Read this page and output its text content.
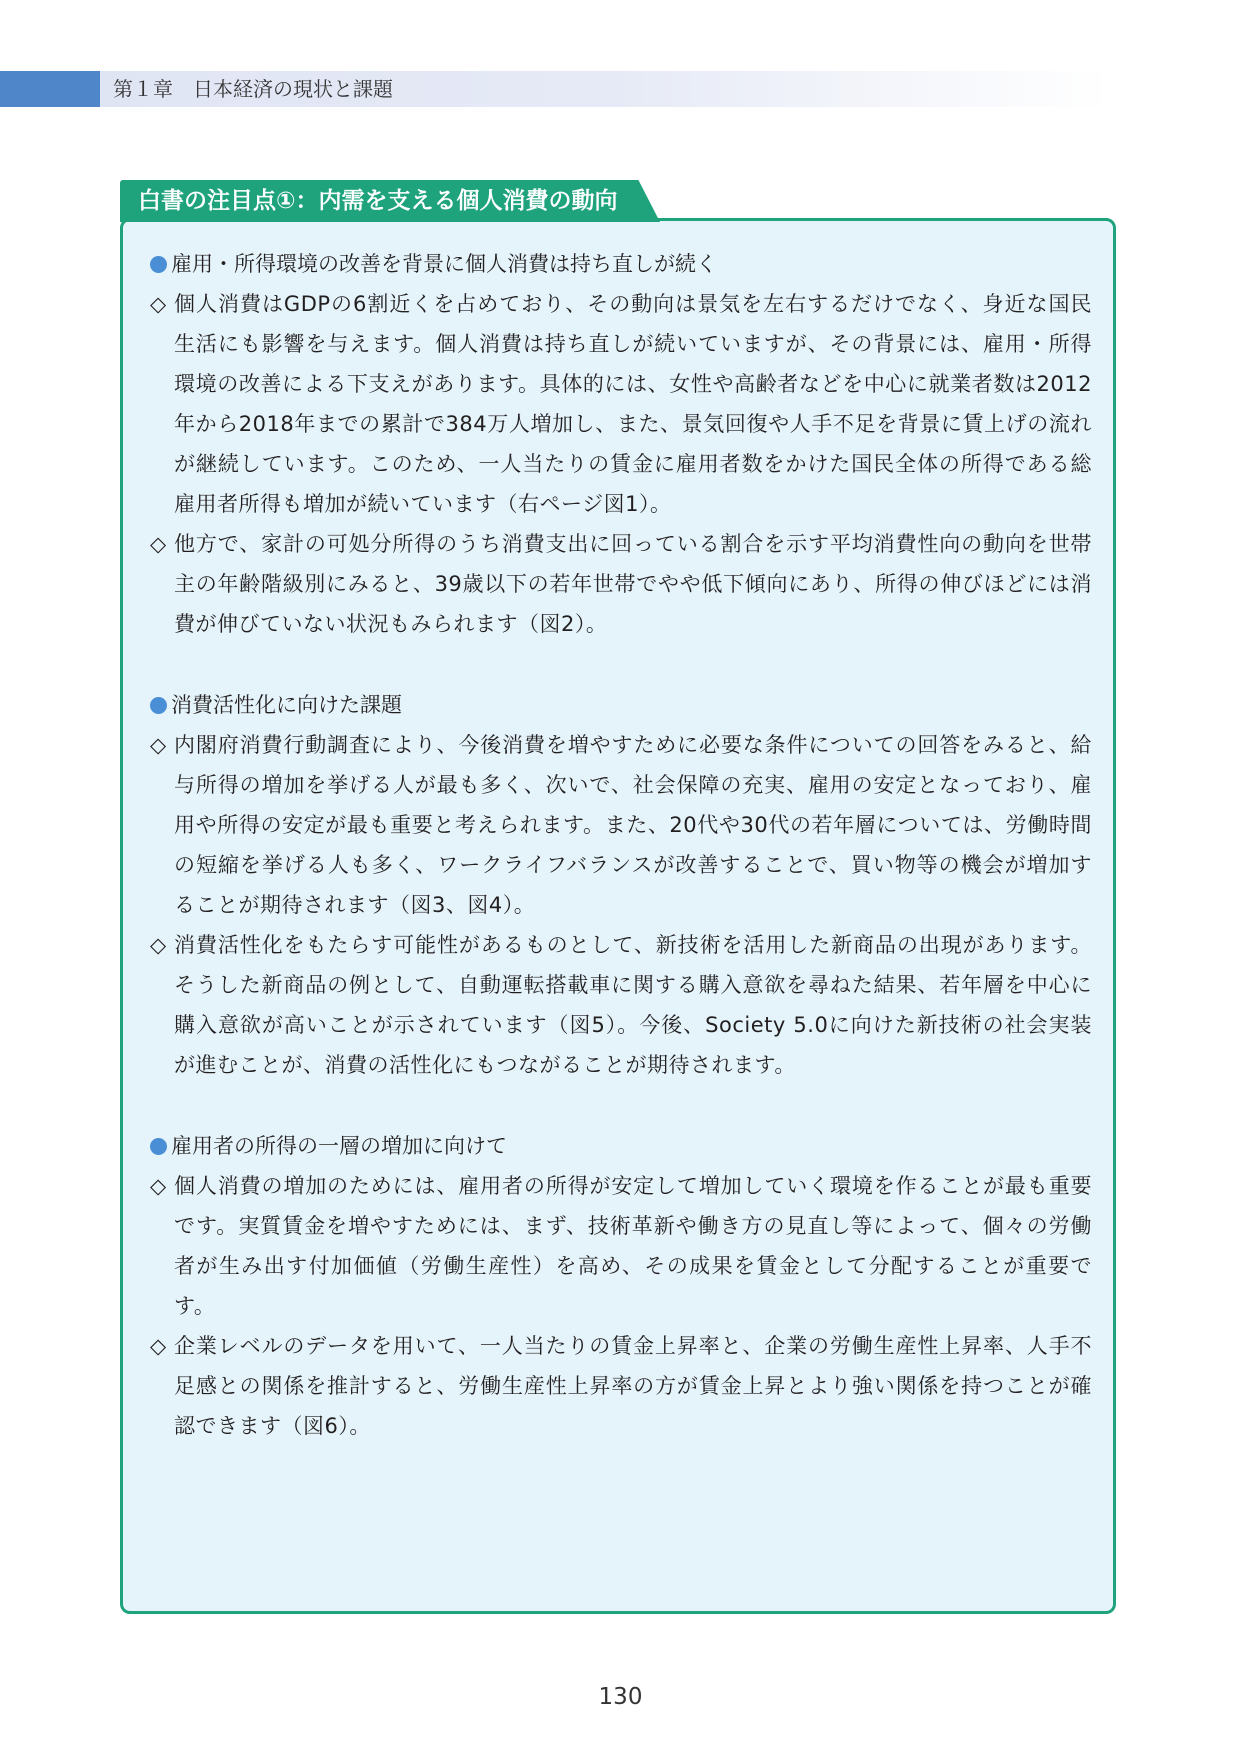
第１章 日本経済の現状と課題
白書の注目点①：内需を支える個人消費の動向
雇用・所得環境の改善を背景に個人消費は持ち直しが続く
◇ 個人消費はGDPの6割近くを占めており、その動向は景気を左右するだけでなく、身近な国民生活にも影響を与えます。個人消費は持ち直しが続いていますが、その背景には、雇用・所得環境の改善による下支えがあります。具体的には、女性や高齢者などを中心に就業者数は2012年から2018年までの累計で384万人増加し、また、景気回復や人手不足を背景に賃上げの流れが継続しています。このため、一人当たりの賃金に雇用者数をかけた国民全体の所得である総雇用者所得も増加が続いています（右ページ図1）。
◇ 他方で、家計の可処分所得のうち消費支出に回っている割合を示す平均消費性向の動向を世帯主の年齢階級別にみると、39歳以下の若年世帯でやや低下傾向にあり、所得の伸びほどには消費が伸びていない状況もみられます（図2）。
消費活性化に向けた課題
◇ 内閣府消費行動調査により、今後消費を増やすために必要な条件についての回答をみると、給与所得の増加を挙げる人が最も多く、次いで、社会保障の充実、雇用の安定となっており、雇用や所得の安定が最も重要と考えられます。また、20代や30代の若年層については、労働時間の短縮を挙げる人も多く、ワークライフバランスが改善することで、買い物等の機会が増加することが期待されます（図3、図4）。
◇ 消費活性化をもたらす可能性があるものとして、新技術を活用した新商品の出現があります。そうした新商品の例として、自動運転搭載車に関する購入意欲を尋ねた結果、若年層を中心に購入意欲が高いことが示されています（図5）。今後、Society 5.0に向けた新技術の社会実装が進むことが、消費の活性化にもつながることが期待されます。
雇用者の所得の一層の増加に向けて
◇ 個人消費の増加のためには、雇用者の所得が安定して増加していく環境を作ることが最も重要です。実質賃金を増やすためには、まず、技術革新や働き方の見直し等によって、個々の労働者が生み出す付加価値（労働生産性）を高め、その成果を賃金として分配することが重要です。
◇ 企業レベルのデータを用いて、一人当たりの賃金上昇率と、企業の労働生産性上昇率、人手不足感との関係を推計すると、労働生産性上昇率の方が賃金上昇とより強い関係を持つことが確認できます（図6）。
130
